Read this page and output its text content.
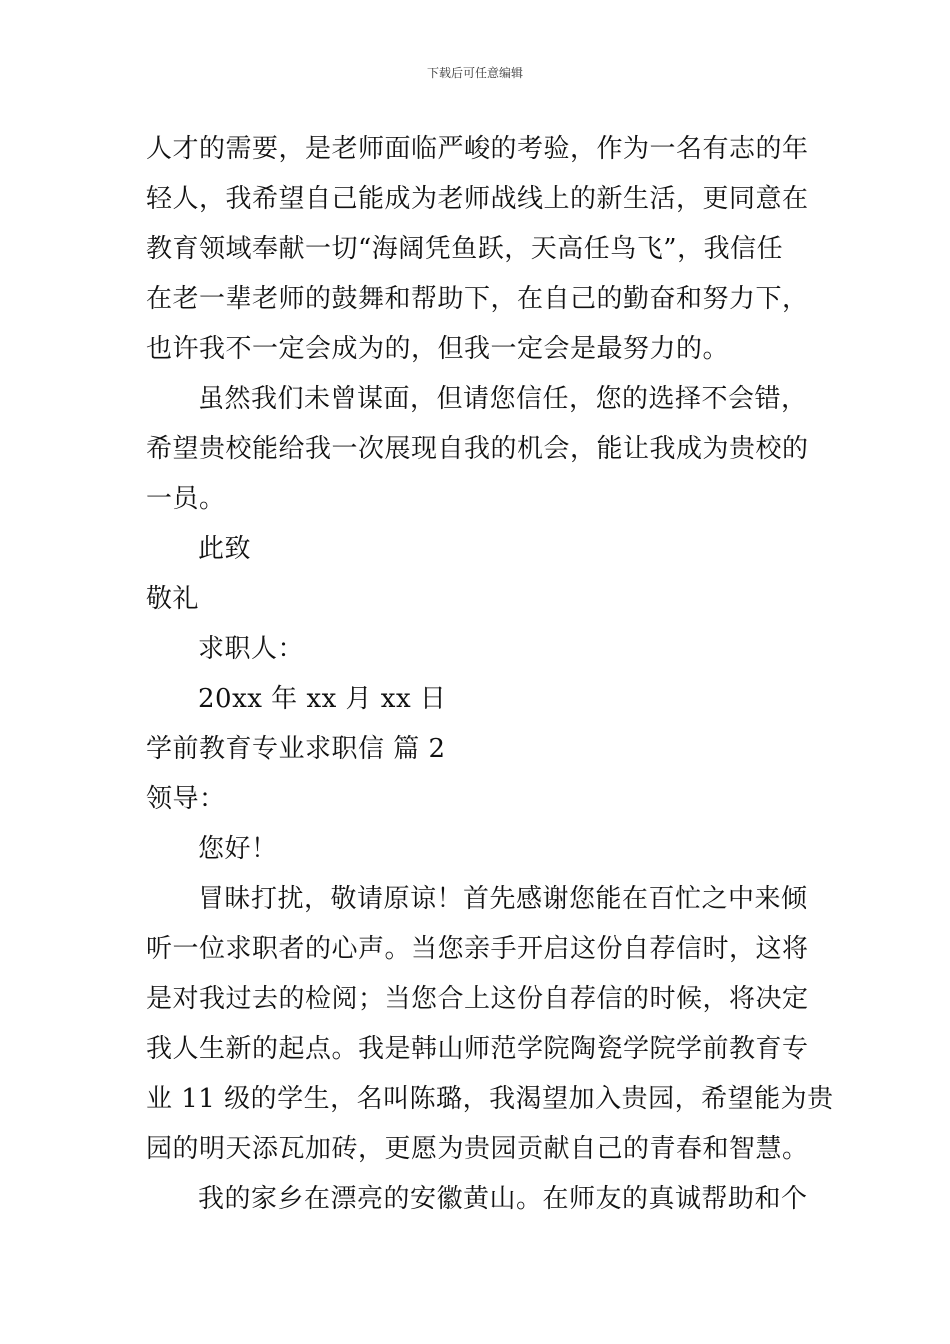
下载后可任意编辑
人才的需要，是老师面临严峻的考验，作为一名有志的年
轻人，我希望自己能成为老师战线上的新生活，更同意在
教育领域奉献一切“海阔凭鱼跃，天高任鸟飞”，我信任
在老一辈老师的鼓舞和帮助下，在自己的勤奋和努力下，
也许我不一定会成为的，但我一定会是最努力的。
虽然我们未曾谋面，但请您信任，您的选择不会错，
希望贵校能给我一次展现自我的机会，能让我成为贵校的
一员。
此致
敬礼
求职人：
20xx 年 xx 月 xx 日
学前教育专业求职信 篇 2
领导：
您好！
冒昧打扰，敬请原谅！首先感谢您能在百忙之中来倾
听一位求职者的心声。当您亲手开启这份自荐信时，这将
是对我过去的检阅；当您合上这份自荐信的时候，将决定
我人生新的起点。我是韩山师范学院陶瓷学院学前教育专
业 11 级的学生，名叫陈璐，我渴望加入贵园，希望能为贵
园的明天添瓦加砖，更愿为贵园贡献自己的青春和智慧。
我的家乡在漂亮的安徽黄山。在师友的真诚帮助和个
